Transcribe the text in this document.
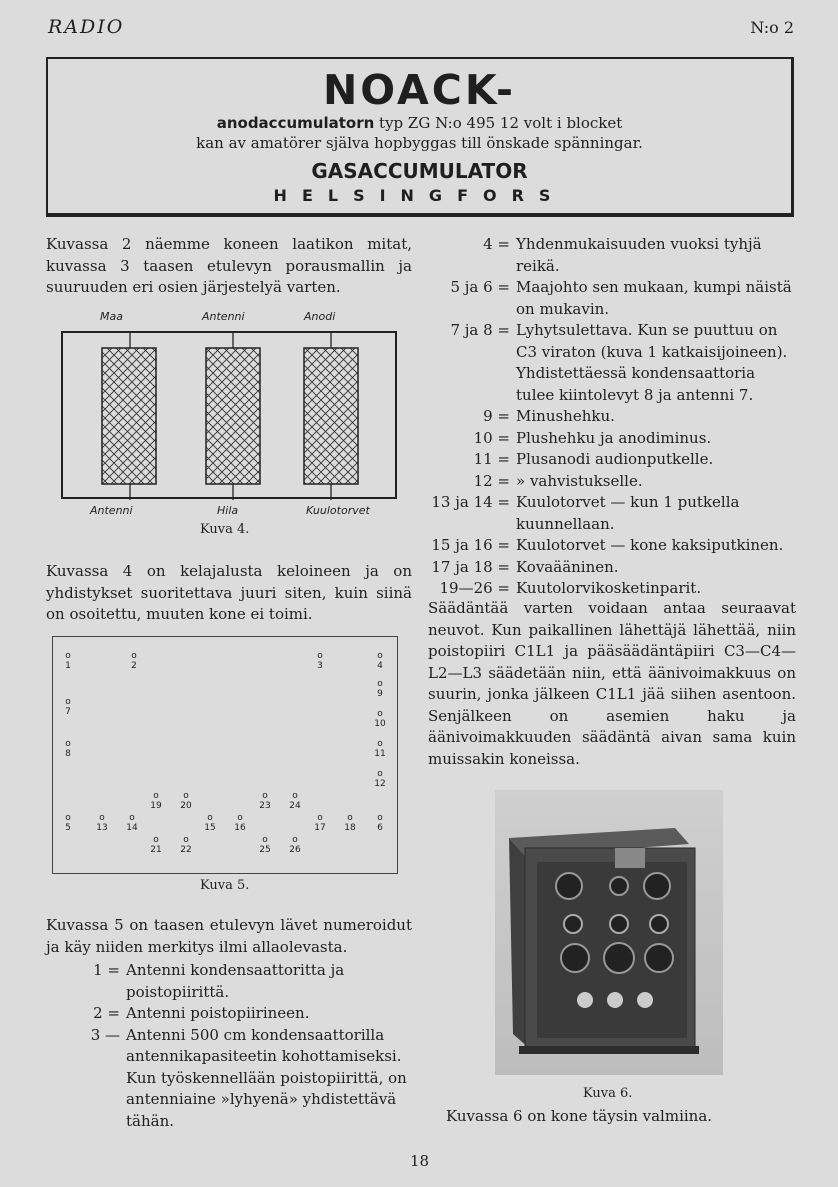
RADIO	N:o 2
NOACK-
anodaccumulatorn typ ZG N:o 495 12 volt i blocket
kan av amatörer själva hopbyggas till önskade spänningar.
GASACCUMULATOR
HELSINGFORS
Kuvassa 2 näemme koneen laatikon mitat, kuvassa 3 taasen etulevyn porausmallin ja suuruuden eri osien järjestelyä varten.
Maa	Antenni	Anodi
Antenni	Hila	Kuulotorvet
Kuva 4.
Kuvassa 4 on kelajalusta keloineen ja on yhdistykset suoritettava juuri siten, kuin siinä on osoitettu, muuten kone ei toimi.
o
1
o
2
o
3
o
4
o
7
o
9
o
10
o
8
o
11
o
12
o
19
o
20
o
23
o
24
o
5
o
13
o
14
o
15
o
16
o
17
o
18
o
6
o
21
o
22
o
25
o
26
Kuva 5.
Kuvassa 5 on taasen etulevyn lävet numeroidut ja käy niiden merkitys ilmi allaolevasta.
1 = Antenni kondensaattoritta ja poistopiirittä.
2 = Antenni poistopiirineen.
3 — Antenni 500 cm kondensaattorilla antennikapasiteetin kohottamiseksi. Kun työskennellään poistopiirittä, on antenniaine »lyhyenä» yhdistettävä tähän.
4 = Yhdenmukaisuuden vuoksi tyhjä reikä.
5 ja 6 = Maajohto sen mukaan, kumpi näistä on mukavin.
7 ja 8 = Lyhytsulettava. Kun se puuttuu on C3 viraton (kuva 1 katkaisijoineen). Yhdistettäessä kondensaattoria tulee kiintolevyt 8 ja antenni 7.
9 = Minushehku.
10 = Plushehku ja anodiminus.
11 = Plusanodi audionputkelle.
12 = » vahvistukselle.
13 ja 14 = Kuulotorvet — kun 1 putkella kuunnellaan.
15 ja 16 = Kuulotorvet — kone kaksiputkinen.
17 ja 18 = Kovaääninen.
19—26 = Kuutolorvikosketinparit.
Säädäntää varten voidaan antaa seuraavat neuvot. Kun paikallinen lähettäjä lähettää, niin poistopiiri C1L1 ja pääsäädäntäpiiri C3—C4—L2—L3 säädetään niin, että äänivoimakkuus on suurin, jonka jälkeen C1L1 jää siihen asentoon. Senjälkeen on asemien haku ja äänivoimakkuuden säädäntä aivan sama kuin muissakin koneissa.
Kuva 6.
Kuvassa 6 on kone täysin valmiina.
18
